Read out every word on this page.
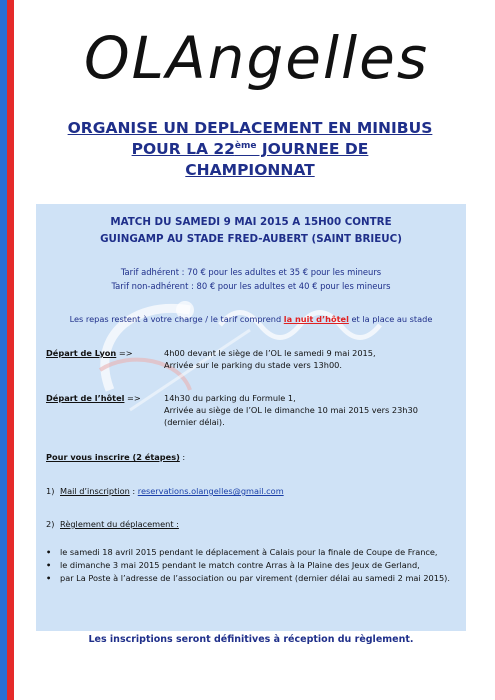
OLAngelles
ORGANISE UN DEPLACEMENT EN MINIBUS
POUR LA 22ème JOURNEE DE
CHAMPIONNAT
MATCH DU SAMEDI 9 MAI 2015 A 15H00 CONTRE
GUINGAMP AU STADE FRED-AUBERT (SAINT BRIEUC)
Tarif adhérent : 70 € pour les adultes et 35 € pour les mineurs
Tarif non-adhérent : 80 € pour les adultes et 40 € pour les mineurs
Les repas restent à votre charge / le tarif comprend la nuit d’hôtel et la place au stade
Départ de Lyon =>	4h00 devant le siège de l’OL le samedi 9 mai 2015,
Arrivée sur le parking du stade vers 13h00.
Départ de l’hôtel =>	14h30 du parking du Formule 1,
Arrivée au siège de l’OL le dimanche 10 mai 2015 vers 23h30
(dernier délai).
Pour vous inscrire (2 étapes) :
1) Mail d’inscription : reservations.olangelles@gmail.com
2) Règlement du déplacement :
• le samedi 18 avril 2015 pendant le déplacement à Calais pour la finale de Coupe de France,
• le dimanche 3 mai 2015 pendant le match contre Arras à la Plaine des Jeux de Gerland,
• par La Poste à l’adresse de l’association ou par virement (dernier délai au samedi 2 mai 2015).
Les inscriptions seront définitives à réception du règlement.
